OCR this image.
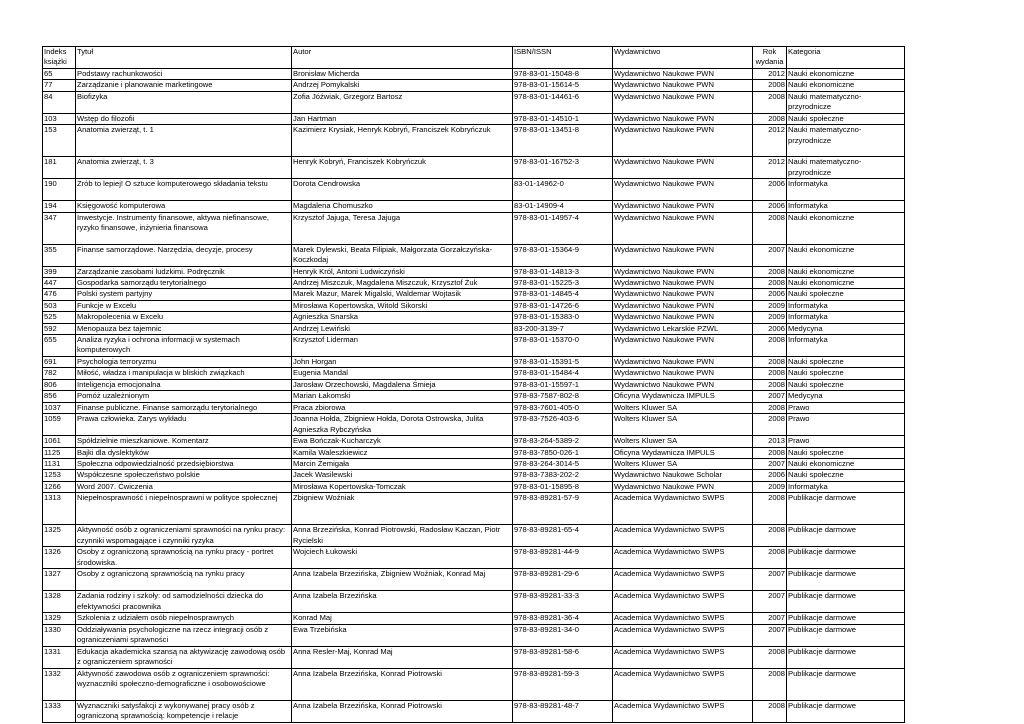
Indeks książki	Tytuł	Autor	ISBN/ISSN	Wydawnictwo	Rok wydania	Kategoria
65	Podstawy rachunkowości	Bronisław Micherda	978-83-01-15048-8	Wydawnictwo Naukowe PWN	2012	Nauki ekonomiczne
77	Zarządzanie i planowanie marketingowe	Andrzej Pomykalski	978-83-01-15614-5	Wydawnictwo Naukowe PWN	2008	Nauki ekonomiczne
84	Biofizyka	Zofia Jóźwiak, Grzegorz Bartosz	978-83-01-14461-6	Wydawnictwo Naukowe PWN	2008	Nauki matematyczno-przyrodnicze
103	Wstęp do filozofii	Jan Hartman	978-83-01-14510-1	Wydawnictwo Naukowe PWN	2008	Nauki społeczne
153	Anatomia zwierząt, t. 1	Kazimierz Krysiak, Henryk Kobryń, Franciszek Kobryńczuk	978-83-01-13451-8	Wydawnictwo Naukowe PWN	2012	Nauki matematyczno-przyrodnicze
181	Anatomia zwierząt, t. 3	Henryk Kobryń, Franciszek Kobryńczuk	978-83-01-16752-3	Wydawnictwo Naukowe PWN	2012	Nauki matematyczno-przyrodnicze
190	Zrób to lepiej! O sztuce komputerowego składania tekstu	Dorota Cendrowska	83-01-14962-0	Wydawnictwo Naukowe PWN	2006	Informatyka
194	Księgowość komputerowa	Magdalena Chomuszko	83-01-14909-4	Wydawnictwo Naukowe PWN	2006	Informatyka
347	Inwestycje. Instrumenty finansowe, aktywa niefinansowe, ryzyko finansowe, inżynieria finansowa	Krzysztof Jajuga, Teresa Jajuga	978-83-01-14957-4	Wydawnictwo Naukowe PWN	2008	Nauki ekonomiczne
355	Finanse samorządowe. Narzędzia, decyzje, procesy	Marek Dylewski, Beata Filipiak, Małgorzata Gorzałczyńska-Koczkodaj	978-83-01-15364-9	Wydawnictwo Naukowe PWN	2007	Nauki ekonomiczne
399	Zarządzanie zasobami ludzkimi. Podręcznik	Henryk Król, Antoni Ludwiczyński	978-83-01-14813-3	Wydawnictwo Naukowe PWN	2008	Nauki ekonomiczne
447	Gospodarka samorządu terytorialnego	Andrzej Miszczuk, Magdalena Miszczuk, Krzysztof Żuk	978-83-01-15225-3	Wydawnictwo Naukowe PWN	2008	Nauki ekonomiczne
476	Polski system partyjny	Marek Mazur, Marek Migalski, Waldemar Wojtasik	978-83-01-14845-4	Wydawnictwo Naukowe PWN	2006	Nauki społeczne
503	Funkcje w Excelu	Mirosława Kopertowska, Witold Sikorski	978-83-01-14726-6	Wydawnictwo Naukowe PWN	2009	Informatyka
525	Makropolecenia w Excelu	Agnieszka Snarska	978-83-01-15383-0	Wydawnictwo Naukowe PWN	2009	Informatyka
592	Menopauza bez tajemnic	Andrzej Lewiński	83-200-3139-7	Wydawnictwo Lekarskie PZWL	2006	Medycyna
655	Analiza ryzyka i ochrona informacji w systemach komputerowych	Krzysztof Liderman	978-83-01-15370-0	Wydawnictwo Naukowe PWN	2008	Informatyka
691	Psychologia terroryzmu	John Horgan	978-83-01-15391-5	Wydawnictwo Naukowe PWN	2008	Nauki społeczne
782	Miłość, władza i manipulacja w bliskich związkach	Eugenia Mandal	978-83-01-15484-4	Wydawnictwo Naukowe PWN	2008	Nauki społeczne
806	Inteligencja emocjonalna	Jarosław Orzechowski, Magdalena Śmieja	978-83-01-15597-1	Wydawnictwo Naukowe PWN	2008	Nauki społeczne
856	Pomóż uzależnionym	Marian Łakomski	978-83-7587-802-8	Oficyna Wydawnicza IMPULS	2007	Medycyna
1037	Finanse publiczne. Finanse samorządu terytorialnego	Praca zbiorowa	978-83-7601-405-0	Wolters Kluwer SA	2008	Prawo
1059	Prawa człowieka. Zarys wykładu	Joanna Hołda, Zbigniew Hołda, Dorota Ostrowska, Julita Agnieszka Rybczyńska	978-83-7526-403-6	Wolters Kluwer SA	2008	Prawo
1061	Spółdzielnie mieszkaniowe. Komentarz	Ewa Bończak-Kucharczyk	978-83-264-5389-2	Wolters Kluwer SA	2013	Prawo
1125	Bajki dla dyslektyków	Kamila Waleszkiewicz	978-83-7850-026-1	Oficyna Wydawnicza IMPULS	2008	Nauki społeczne
1131	Społeczna odpowiedzialność przedsiębiorstwa	Marcin Żemigała	978-83-264-3014-5	Wolters Kluwer SA	2007	Nauki ekonomiczne
1253	Współczesne społeczeństwo polskie	Jacek Wasilewski	978-83-7383-202-2	Wydawnictwo Naukowe Scholar	2006	Nauki społeczne
1266	Word 2007. Ćwiczenia	Mirosława Kopertowska-Tomczak	978-83-01-15895-8	Wydawnictwo Naukowe PWN	2009	Informatyka
1313	Niepełnosprawność i niepełnosprawni w polityce społecznej	Zbigniew Woźniak	978-83-89281-57-9	Academica Wydawnictwo SWPS	2008	Publikacje darmowe
1325	Aktywność osób z ograniczeniami sprawności na rynku pracy: czynniki wspomagające i czynniki ryzyka	Anna Brzezińska, Konrad Piotrowski, Radosław Kaczan, Piotr Rycielski	978-83-89281-65-4	Academica Wydawnictwo SWPS	2008	Publikacje darmowe
1326	Osoby z ograniczoną sprawnością na rynku pracy - portret środowiska.	Wojciech Łukowski	978-83-89281-44-9	Academica Wydawnictwo SWPS	2008	Publikacje darmowe
1327	Osoby z ograniczoną sprawnością na rynku pracy	Anna Izabela Brzezińska, Zbigniew Woźniak, Konrad Maj	978-83-89281-29-6	Academica Wydawnictwo SWPS	2007	Publikacje darmowe
1328	Zadania rodziny i szkoły: od samodzielności dziecka do efektywności pracownika	Anna Izabela Brzezińska	978-83-89281-33-3	Academica Wydawnictwo SWPS	2007	Publikacje darmowe
1329	Szkolenia z udziałem osób niepełnosprawnych	Konrad Maj	978-83-89281-36-4	Academica Wydawnictwo SWPS	2007	Publikacje darmowe
1330	Oddziaływania psychologiczne na rzecz integracji osób z ograniczeniami sprawności	Ewa Trzebińska	978-83-89281-34-0	Academica Wydawnictwo SWPS	2007	Publikacje darmowe
1331	Edukacja akademicka szansą na aktywizację zawodową osób z ograniczeniem sprawności	Anna Resler-Maj, Konrad Maj	978-83-89281-58-6	Academica Wydawnictwo SWPS	2008	Publikacje darmowe
1332	Aktywność zawodowa osób z ograniczeniem sprawności: wyznaczniki społeczno-demograficzne i osobowościowe	Anna Izabela Brzezińska, Konrad Piotrowski	978-83-89281-59-3	Academica Wydawnictwo SWPS	2008	Publikacje darmowe
1333	Wyznaczniki satysfakcji z wykonywanej pracy osób z ograniczoną sprawnością: kompetencje i relacje	Anna Izabela Brzezińska, Konrad Piotrowski	978-83-89281-48-7	Academica Wydawnictwo SWPS	2008	Publikacje darmowe
